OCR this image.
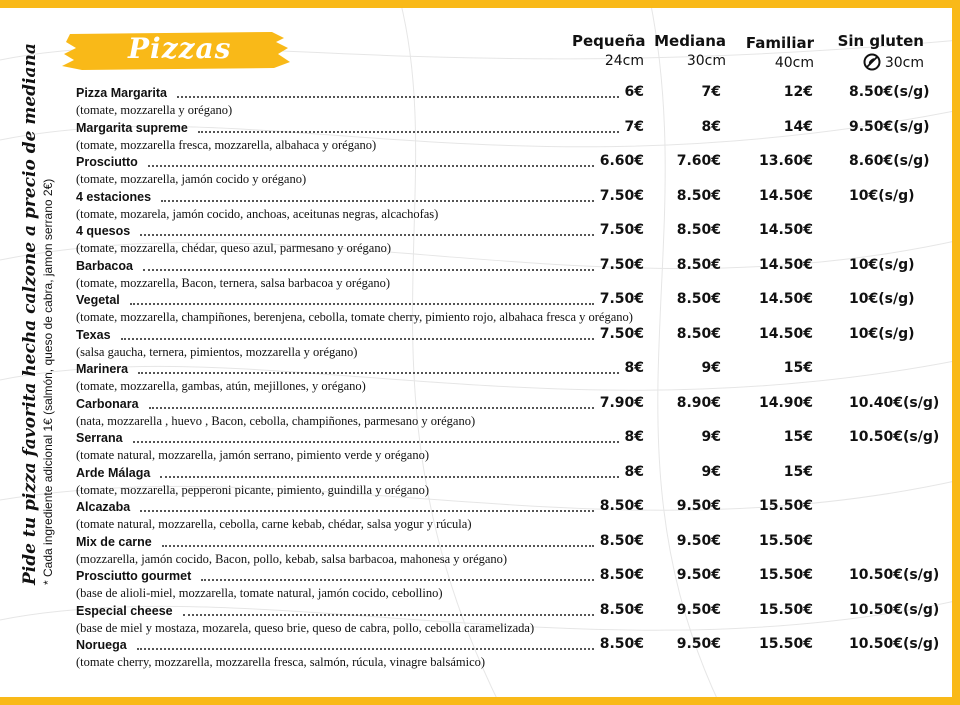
Pizzas	Pequeña
24cm
Mediana
30cm
Familiar
40cm
Sin gluten
30cm
Pide tu pizza favorita hecha calzone a precio de mediana * Cada ingrediente adicional 1€ (salmón, queso de cabra, jamon serrano 2€)
Pizza Margarita
(tomate, mozzarella y orégano)
6€	7€	12€	8.50€(s/g)
Margarita supreme
(tomate, mozzarella fresca, mozzarella, albahaca y orégano)
7€	8€	14€	9.50€(s/g)
Prosciutto
(tomate, mozzarella, jamón cocido y orégano)
6.60€ 7.60€	13.60€	8.60€(s/g)
4 estaciones
(tomate, mozarela, jamón cocido, anchoas, aceitunas negras, alcachofas)
7.50€ 8.50€	14.50€	10€(s/g)
4 quesos
(tomate, mozzarella, chédar, queso azul, parmesano y orégano)
7.50€ 8.50€	14.50€
Barbacoa
(tomate, mozzarella, Bacon, ternera, salsa barbacoa y orégano)
7.50€ 8.50€	14.50€	10€(s/g)
Vegetal
(tomate, mozzarella, champiñones, berenjena, cebolla, tomate cherry, pimiento rojo, albahaca fresca y orégano)
7.50€ 8.50€	14.50€	10€(s/g)
Texas
(salsa gaucha, ternera, pimientos, mozzarella y orégano)
7.50€ 8.50€	14.50€	10€(s/g)
Marinera
(tomate, mozzarella, gambas, atún, mejillones, y orégano)
8€	9€	15€
Carbonara
(nata, mozzarella , huevo , Bacon, cebolla, champiñones, parmesano y orégano)
7.90€ 8.90€	14.90€	10.40€(s/g)
Serrana
(tomate natural, mozzarella, jamón serrano, pimiento verde y orégano)
8€	9€	15€	10.50€(s/g)
Arde Málaga
(tomate, mozzarella, pepperoni picante, pimiento, guindilla y orégano)
8€	9€	15€
Alcazaba
(tomate natural, mozzarella, cebolla, carne kebab, chédar, salsa yogur y rúcula)
8.50€ 9.50€	15.50€
Mix de carne
(mozzarella, jamón cocido, Bacon, pollo, kebab, salsa barbacoa, mahonesa y orégano)
8.50€ 9.50€	15.50€
Prosciutto gourmet
(base de alioli-miel, mozzarella, tomate natural, jamón cocido, cebollino)
8.50€ 9.50€	15.50€	10.50€(s/g)
Especial cheese
(base de miel y mostaza, mozarela, queso brie, queso de cabra, pollo, cebolla caramelizada)
8.50€ 9.50€	15.50€	10.50€(s/g)
Noruega
(tomate cherry, mozzarella, mozzarella fresca, salmón, rúcula, vinagre balsámico)
8.50€ 9.50€	15.50€	10.50€(s/g)
